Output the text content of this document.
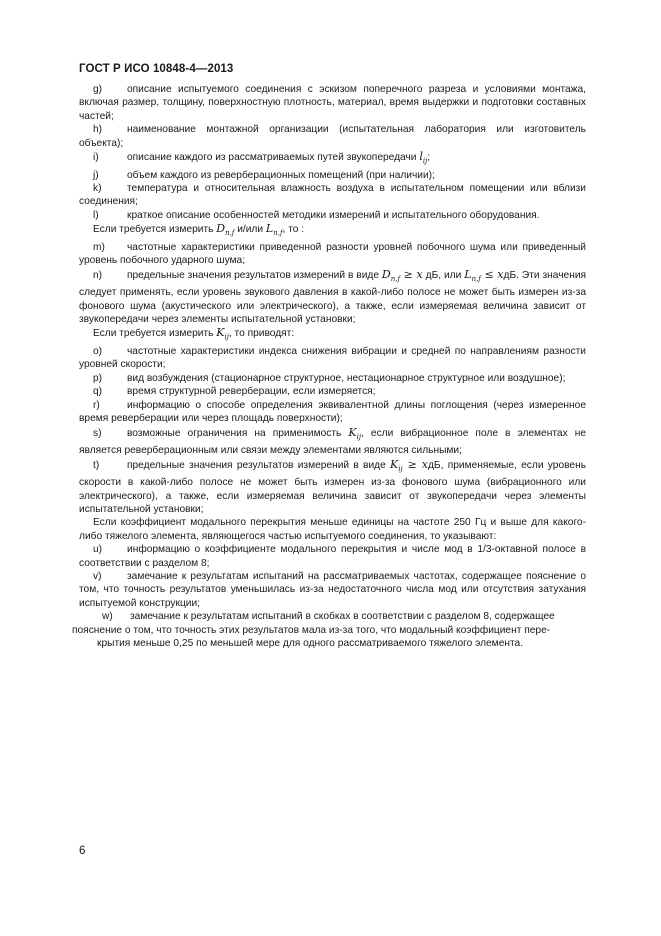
ГОСТ Р ИСО 10848-4—2013

g) описание испытуемого соединения с эскизом поперечного разреза и условиями монтажа, включая размер, толщину, поверхностную плотность, материал, время выдержки и подготовки составных частей;

h) наименование монтажной организации (испытательная лаборатория или изготовитель объекта);

i)	описание каждого из рассматриваемых путей звукопередачи $l_{ij}$;

j)	объем каждого из реверберационных помещений (при наличии);

k)	температура и относительная влажность воздуха в испытательном помещении или вблизи соединения;

l)	краткое описание особенностей методики измерений и испытательного оборудования.

Если требуется измерить $D_{n,f}$ и/или $L_{n,f}$, то :

m) частотные характеристики приведенной разности уровней побочного шума или приведенный уровень побочного ударного шума;

n) предельные значения результатов измерений в виде $D_{n,f} \ge x$ дБ, или $L_{n,f}$ ≤ xдБ. Эти значения следует применять, если уровень звукового давления в какой-либо полосе не может быть измерен из-за фонового шума (акустического или электрического), а также, если измеряемая величина зависит от звукопередачи через элементы испытательной установки;

Если требуется измерить $K_{ij}$, то приводят:

o) частотные характеристики индекса снижения вибрации и средней по направлениям разности уровней скорости;

p) вид возбуждения (стационарное структурное, нестационарное структурное или воздушное);

q) время структурной реверберации, если измеряется;

r)	информацию о способе определения эквивалентной длины поглощения (через измеренное время реверберации или через площадь поверхности);

s)	возможные ограничения на применимость $K_{ij}$, если вибрационное поле в элементах не является реверберационным или связи между элементами являются сильными;

t)	предельные значения результатов измерений в виде $K_{ij}$ ≥ xдБ, применяемые, если уровень скорости в какой-либо полосе не может быть измерен из-за фонового шума (вибрационного или электрического), а также, если измеряемая величина зависит от звукопередачи через элементы испытательной установки;

Если коэффициент модального перекрытия меньше единицы на частоте 250 Гц и выше для какого-либо тяжелого элемента, являющегося частью испытуемого соединения, то указывают:

u) информацию о коэффициенте модального перекрытия и числе мод в 1/3-октавной полосе в соответствии с разделом 8;

v)	замечание к результатам испытаний на рассматриваемых частотах, содержащее пояснение о том, что точность результатов уменьшилась из-за недостаточного числа мод или отсутствия затухания испытуемой конструкции;

w) замечание к результатам испытаний в скобках в соответствии с разделом 8, содержащее
пояснение о том, что точность этих результатов мала из-за того, что модальный коэффициент пере-
крытия меньше 0,25 по меньшей мере для одного рассматриваемого тяжелого элемента.
6
